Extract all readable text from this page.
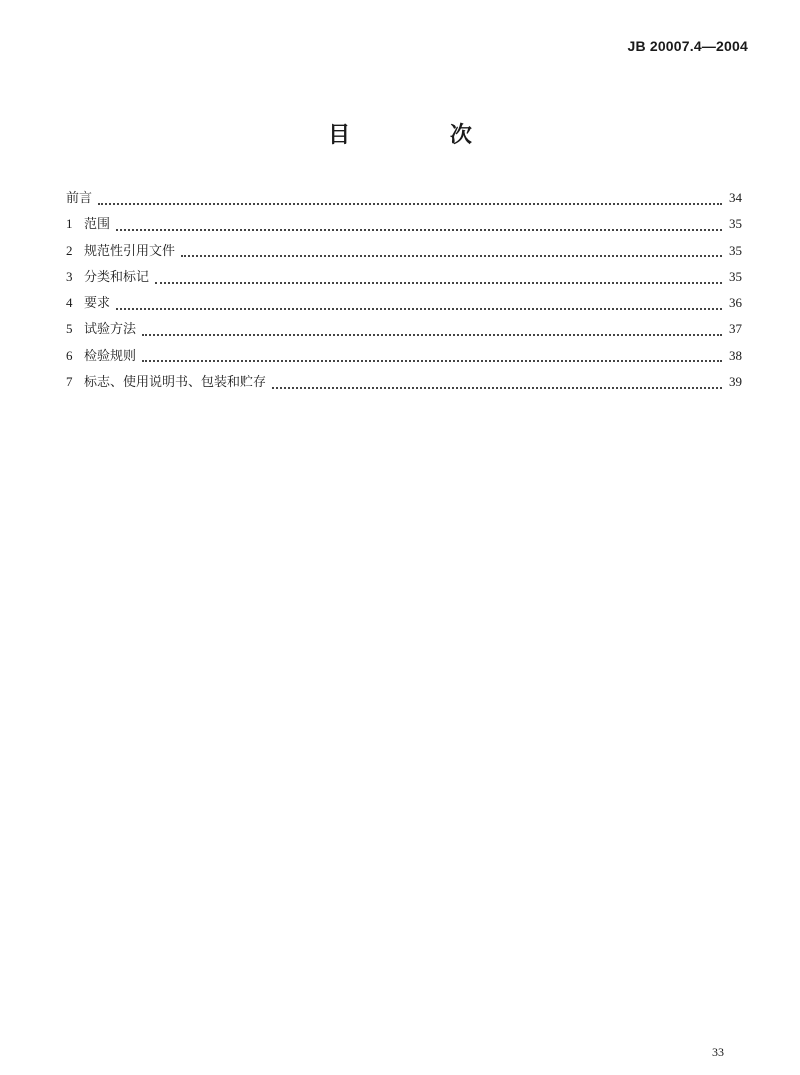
JB 20007.4—2004
目 次
前言	34
1 范围	35
2 规范性引用文件	35
3 分类和标记	35
4 要求	36
5 试验方法	37
6 检验规则	38
7 标志、使用说明书、包装和贮存	39
33
